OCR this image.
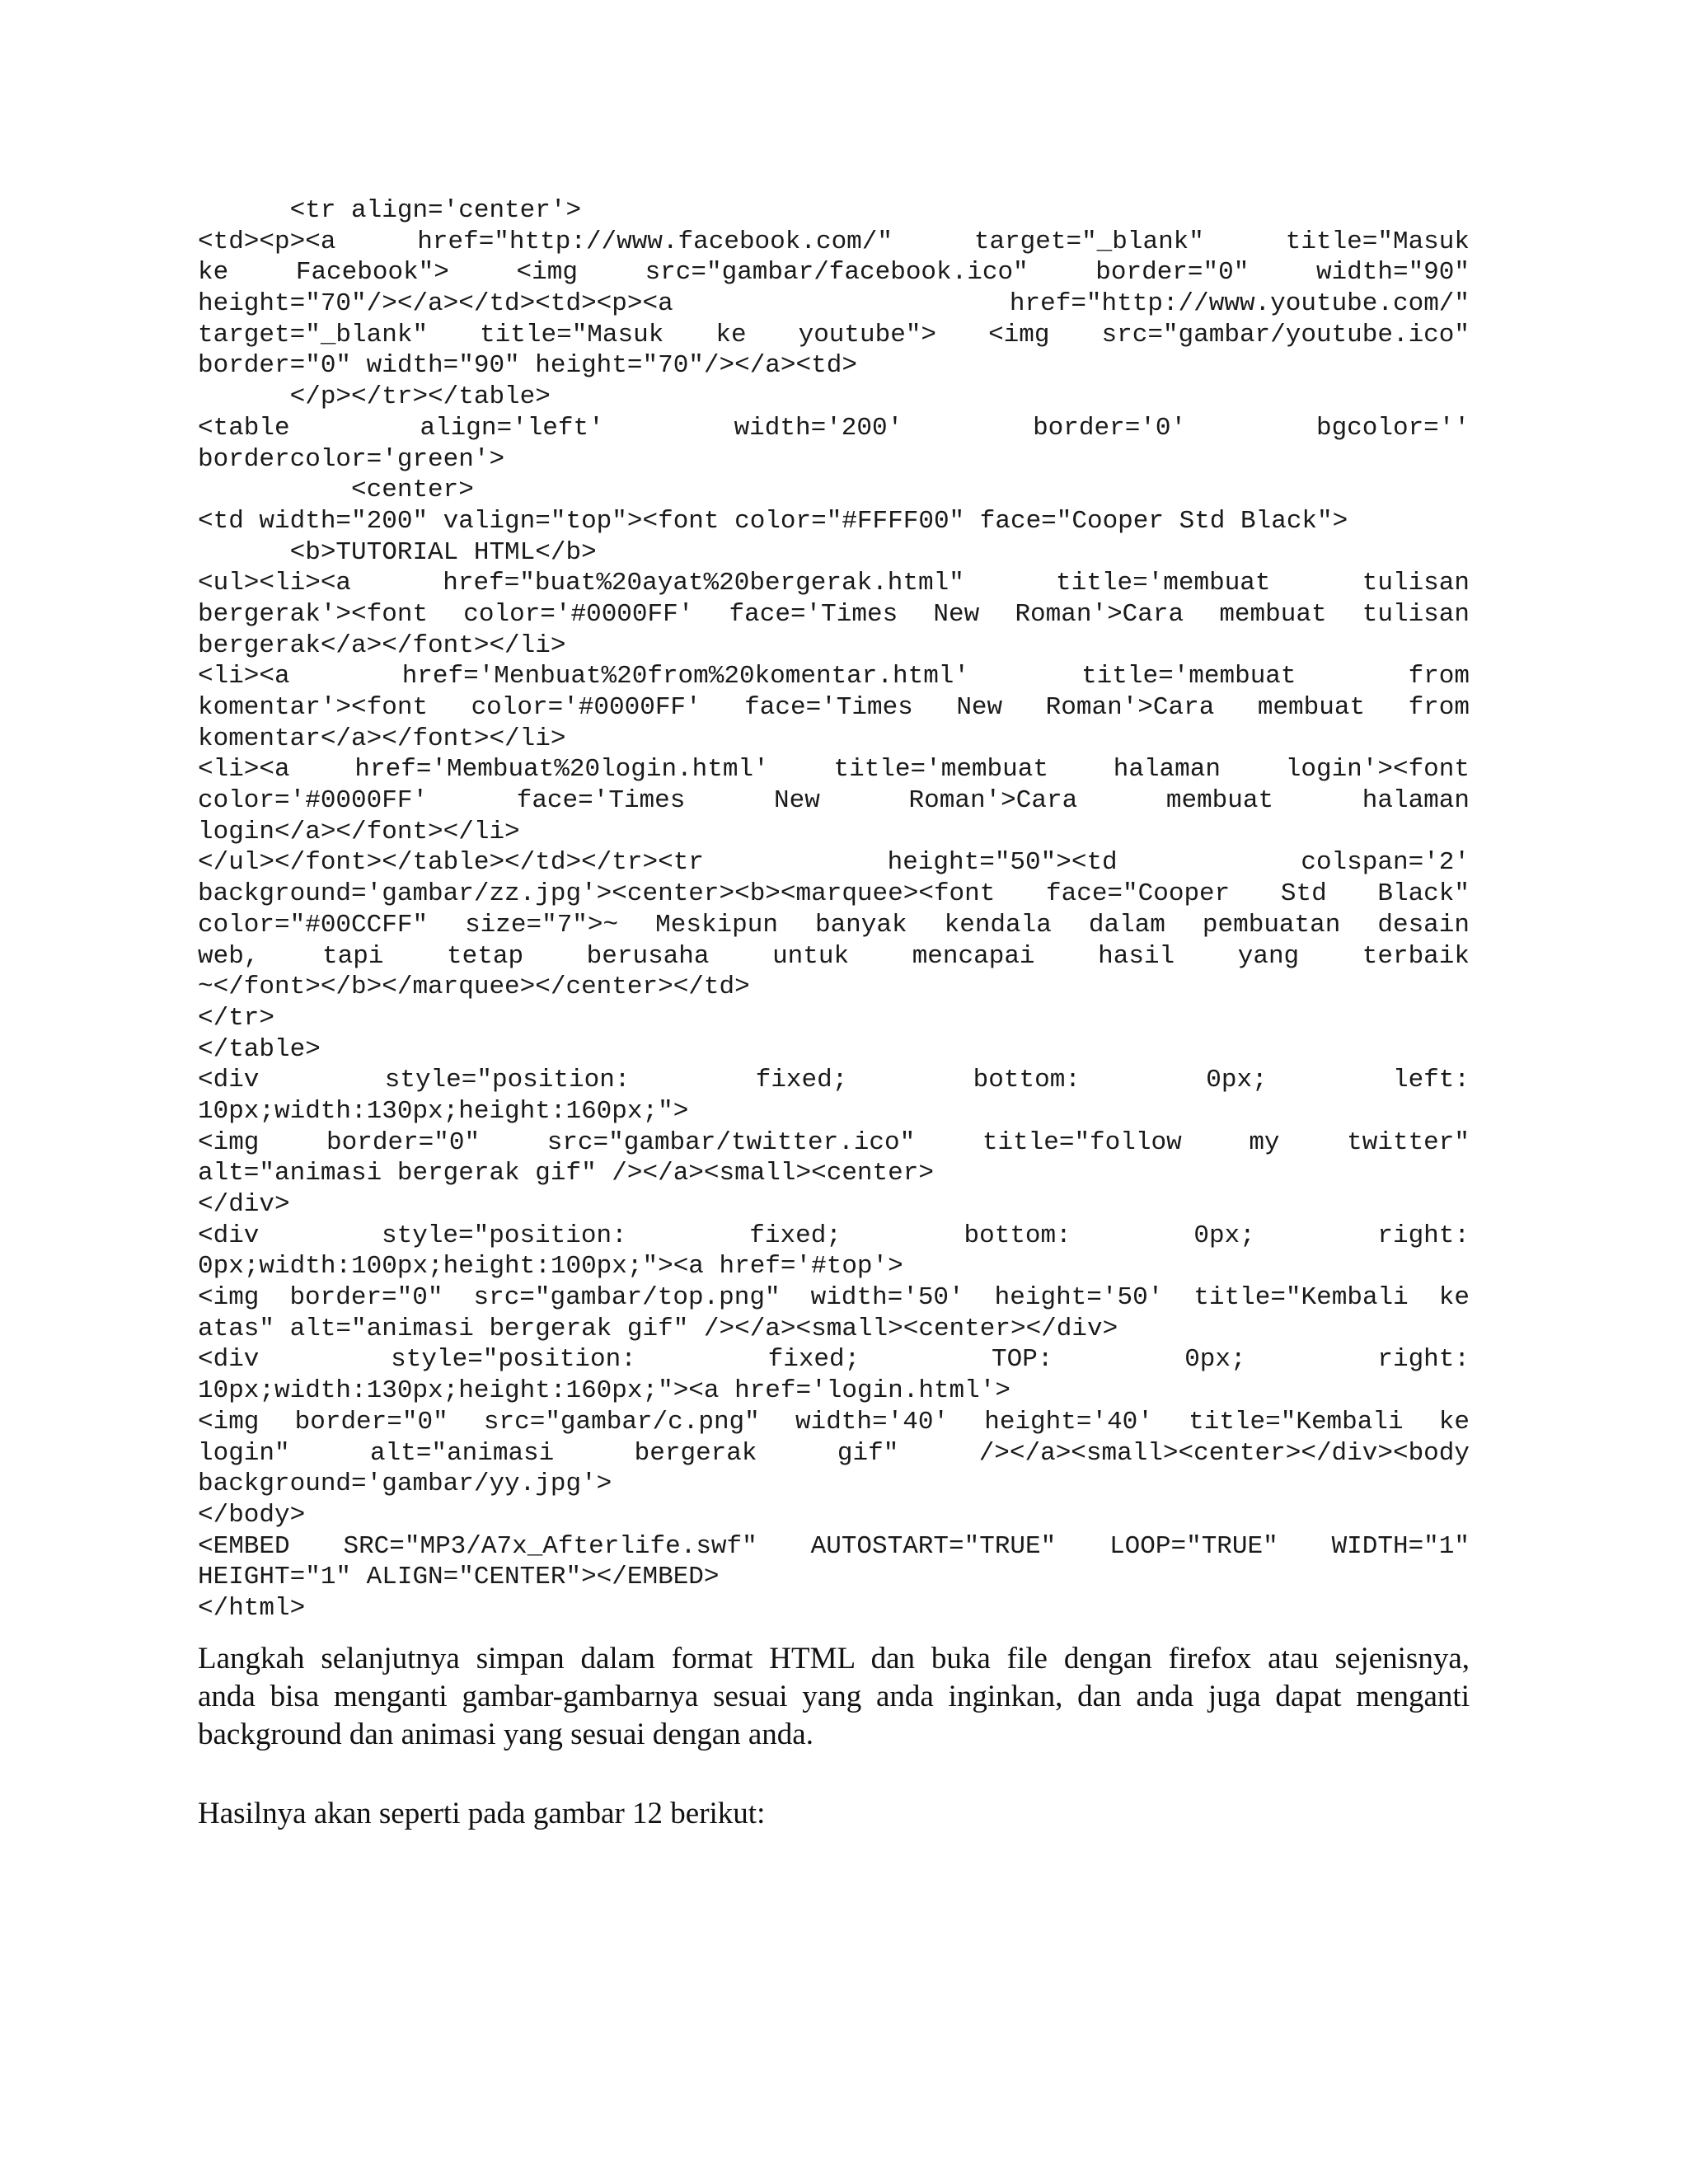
<tr align='center'>
<td><p><a href="http://www.facebook.com/" target="_blank" title="Masuk
ke Facebook"> <img src="gambar/facebook.ico" border="0" width="90"
height="70"/></a></td><td><p><a href="http://www.youtube.com/"
target="_blank" title="Masuk ke youtube"> <img src="gambar/youtube.ico"
border="0" width="90" height="70"/></a><td>
</p></tr></table>
<table align='left' width='200' border='0' bgcolor=''
bordercolor='green'>
<center>
<td width="200" valign="top"><font color="#FFFF00" face="Cooper Std Black">
<b>TUTORIAL HTML</b>
<ul><li><a href="buat%20ayat%20bergerak.html" title='membuat tulisan
bergerak'><font color='#0000FF' face='Times New Roman'>Cara membuat tulisan
bergerak</a></font></li>
<li><a href='Menbuat%20from%20komentar.html' title='membuat from
komentar'><font color='#0000FF' face='Times New Roman'>Cara membuat from
komentar</a></font></li>
<li><a href='Membuat%20login.html' title='membuat halaman login'><font
color='#0000FF' face='Times New Roman'>Cara membuat halaman
login</a></font></li>
</ul></font></table></td></tr><tr height="50"><td colspan='2'
background='gambar/zz.jpg'><center><b><marquee><font face="Cooper Std Black"
color="#00CCFF" size="7">~ Meskipun banyak kendala dalam pembuatan desain
web, tapi tetap berusaha untuk mencapai hasil yang terbaik
~</font></b></marquee></center></td>
</tr>
</table>
<div style="position: fixed; bottom: 0px; left:
10px;width:130px;height:160px;">
<img border="0" src="gambar/twitter.ico" title="follow my twitter"
alt="animasi bergerak gif" /></a><small><center>
</div>
<div style="position: fixed; bottom: 0px; right:
0px;width:100px;height:100px;"><a href='#top'>
<img border="0" src="gambar/top.png" width='50' height='50' title="Kembali ke
atas" alt="animasi bergerak gif" /></a><small><center></div>
<div style="position: fixed; TOP: 0px; right:
10px;width:130px;height:160px;"><a href='login.html'>
<img border="0" src="gambar/c.png" width='40' height='40' title="Kembali ke
login" alt="animasi bergerak gif" /></a><small><center></div><body
background='gambar/yy.jpg'>
</body>
<EMBED SRC="MP3/A7x_Afterlife.swf" AUTOSTART="TRUE" LOOP="TRUE" WIDTH="1"
HEIGHT="1" ALIGN="CENTER"></EMBED>
</html>
Langkah selanjutnya simpan dalam format HTML dan buka file dengan firefox atau sejenisnya,
anda bisa menganti gambar-gambarnya sesuai yang anda inginkan, dan anda juga dapat menganti
background dan animasi yang sesuai dengan anda.
Hasilnya akan seperti pada gambar 12 berikut:
